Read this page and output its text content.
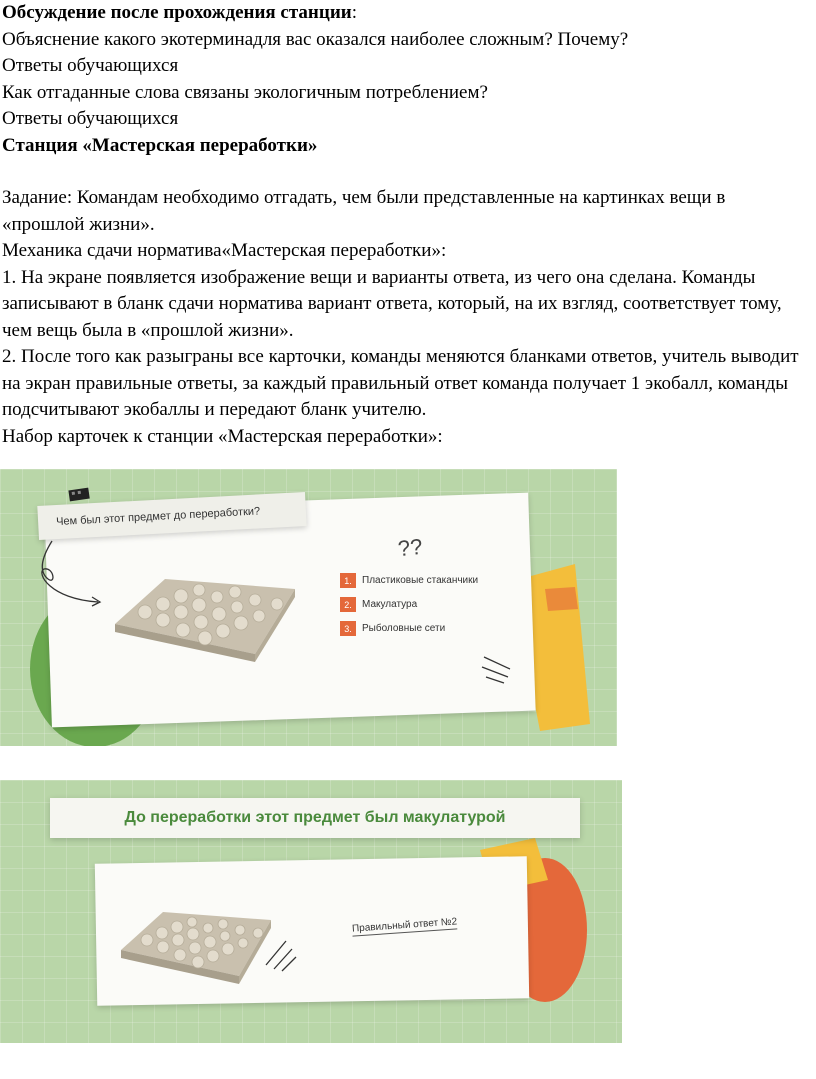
Обсуждение после прохождения станции:

Объяснение какого экотерминадля вас оказался наиболее сложным? Почему?

Ответы обучающихся

Как отгаданные слова связаны экологичным потреблением?

Ответы обучающихся

Станция «Мастерская переработки»

Задание: Командам необходимо отгадать, чем были представленные на картинках вещи в «прошлой жизни».

Механика сдачи норматива«Мастерская переработки»:

1. На экране появляется изображение вещи и варианты ответа, из чего она сделана. Команды записывают в бланк сдачи норматива вариант ответа, который, на их взгляд, соответствует тому, чем вещь была в «прошлой жизни».

2. После того как разыграны все карточки, команды меняются бланками ответов, учитель выводит на экран правильные ответы, за каждый правильный ответ команда получает 1 экобалл, команды подсчитывают экобаллы и передают бланк учителю.

Набор карточек к станции «Мастерская переработки»:

Чем был этот предмет до переработки?
??
1.	Пластиковые стаканчики
2.	Макулатура
3.	Рыболовные сети
До переработки этот предмет был макулатурой
Правильный ответ №2
